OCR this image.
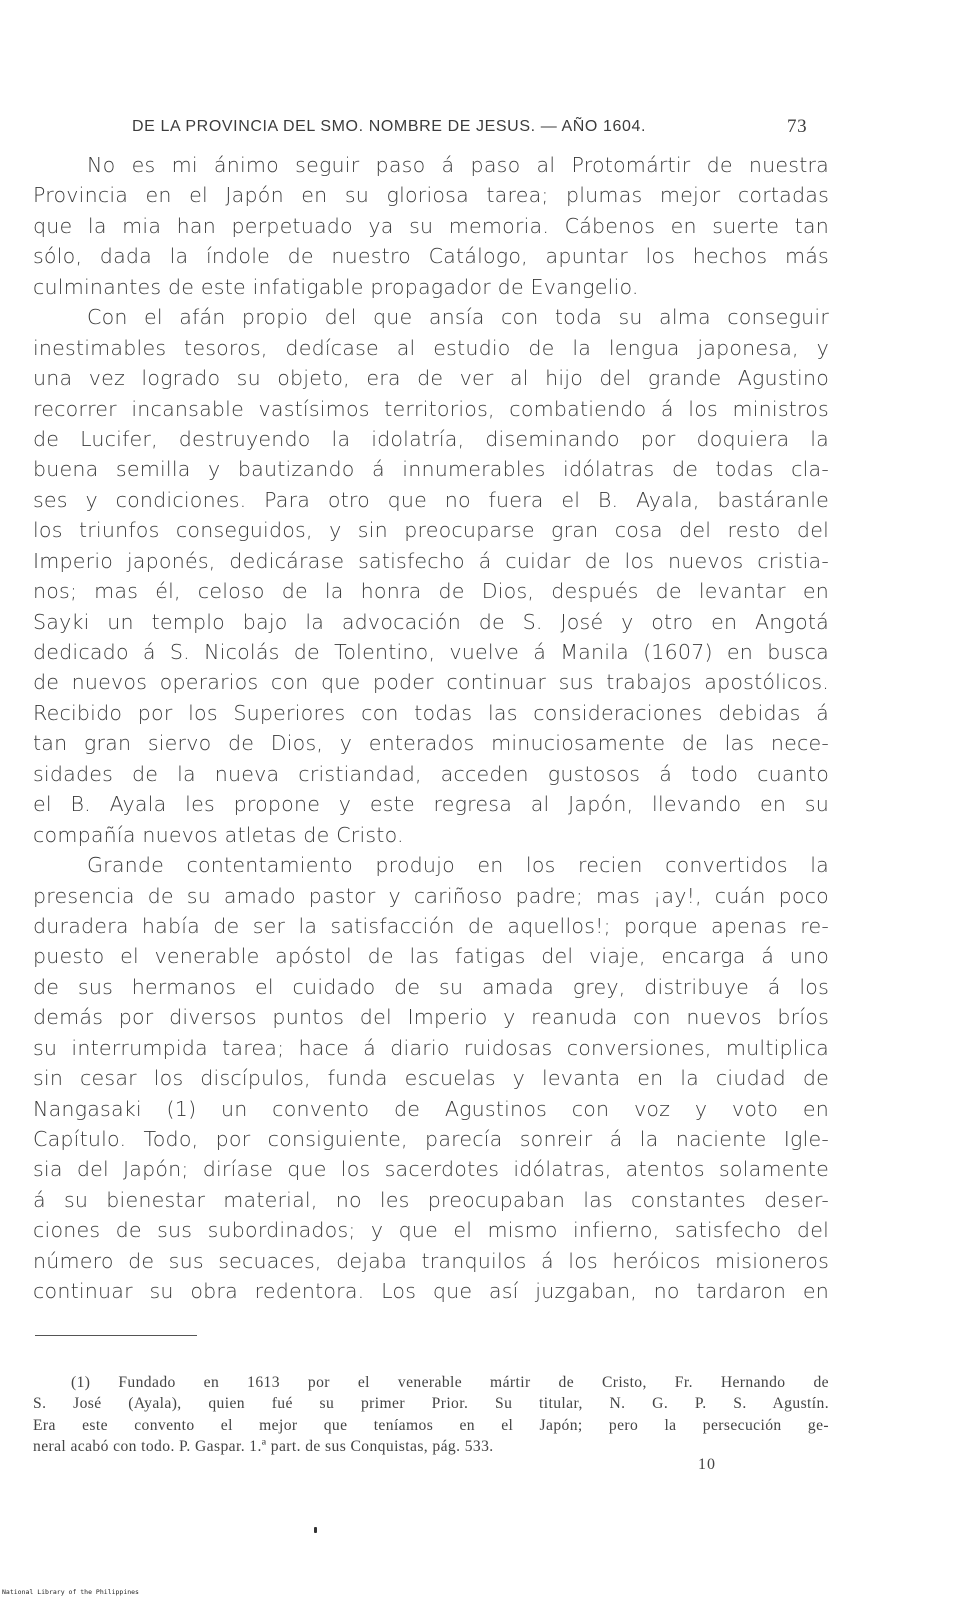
DE LA PROVINCIA DEL SMO. NOMBRE DE JESUS. — AÑO 1604.	73
No es mi ánimo seguir paso á paso al Protomártir de nuestra
Provincia en el Japón en su gloriosa tarea; plumas mejor cortadas
que la mia han perpetuado ya su memoria. Cábenos en suerte tan
sólo, dada la índole de nuestro Catálogo, apuntar los hechos más
culminantes de este infatigable propagador de Evangelio.
Con el afán propio del que ansía con toda su alma conseguir
inestimables tesoros, dedícase al estudio de la lengua japonesa, y
una vez logrado su objeto, era de ver al hijo del grande Agustino
recorrer incansable vastísimos territorios, combatiendo á los ministros
de Lucifer, destruyendo la idolatría, diseminando por doquiera la
buena semilla y bautizando á innumerables idólatras de todas cla-
ses y condiciones. Para otro que no fuera el B. Ayala, bastáranle
los triunfos conseguidos, y sin preocuparse gran cosa del resto del
Imperio japonés, dedicárase satisfecho á cuidar de los nuevos cristia-
nos; mas él, celoso de la honra de Dios, después de levantar en
Sayki un templo bajo la advocación de S. José y otro en Angotá
dedicado á S. Nicolás de Tolentino, vuelve á Manila (1607) en busca
de nuevos operarios con que poder continuar sus trabajos apostólicos.
Recibido por los Superiores con todas las consideraciones debidas á
tan gran siervo de Dios, y enterados minuciosamente de las nece-
sidades de la nueva cristiandad, acceden gustosos á todo cuanto
el B. Ayala les propone y este regresa al Japón, llevando en su
compañía nuevos atletas de Cristo.
Grande contentamiento produjo en los recien convertidos la
presencia de su amado pastor y cariñoso padre; mas ¡ay!, cuán poco
duradera había de ser la satisfacción de aquellos!; porque apenas re-
puesto el venerable apóstol de las fatigas del viaje, encarga á uno
de sus hermanos el cuidado de su amada grey, distribuye á los
demás por diversos puntos del Imperio y reanuda con nuevos bríos
su interrumpida tarea; hace á diario ruidosas conversiones, multiplica
sin cesar los discípulos, funda escuelas y levanta en la ciudad de
Nangasaki (1) un convento de Agustinos con voz y voto en
Capítulo. Todo, por consiguiente, parecía sonreir á la naciente Igle-
sia del Japón; diríase que los sacerdotes idólatras, atentos solamente
á su bienestar material, no les preocupaban las constantes deser-
ciones de sus subordinados; y que el mismo infierno, satisfecho del
número de sus secuaces, dejaba tranquilos á los heróicos misioneros
continuar su obra redentora. Los que así juzgaban, no tardaron en
(1) Fundado en 1613 por el venerable mártir de Cristo, Fr. Hernando de
S. José (Ayala), quien fué su primer Prior. Su titular, N. G. P. S. Agustín.
Era este convento el mejor que teníamos en el Japón; pero la persecución ge-
neral acabó con todo. P. Gaspar. 1.ª part. de sus Conquistas, pág. 533.
10
National Library of the Philippines
